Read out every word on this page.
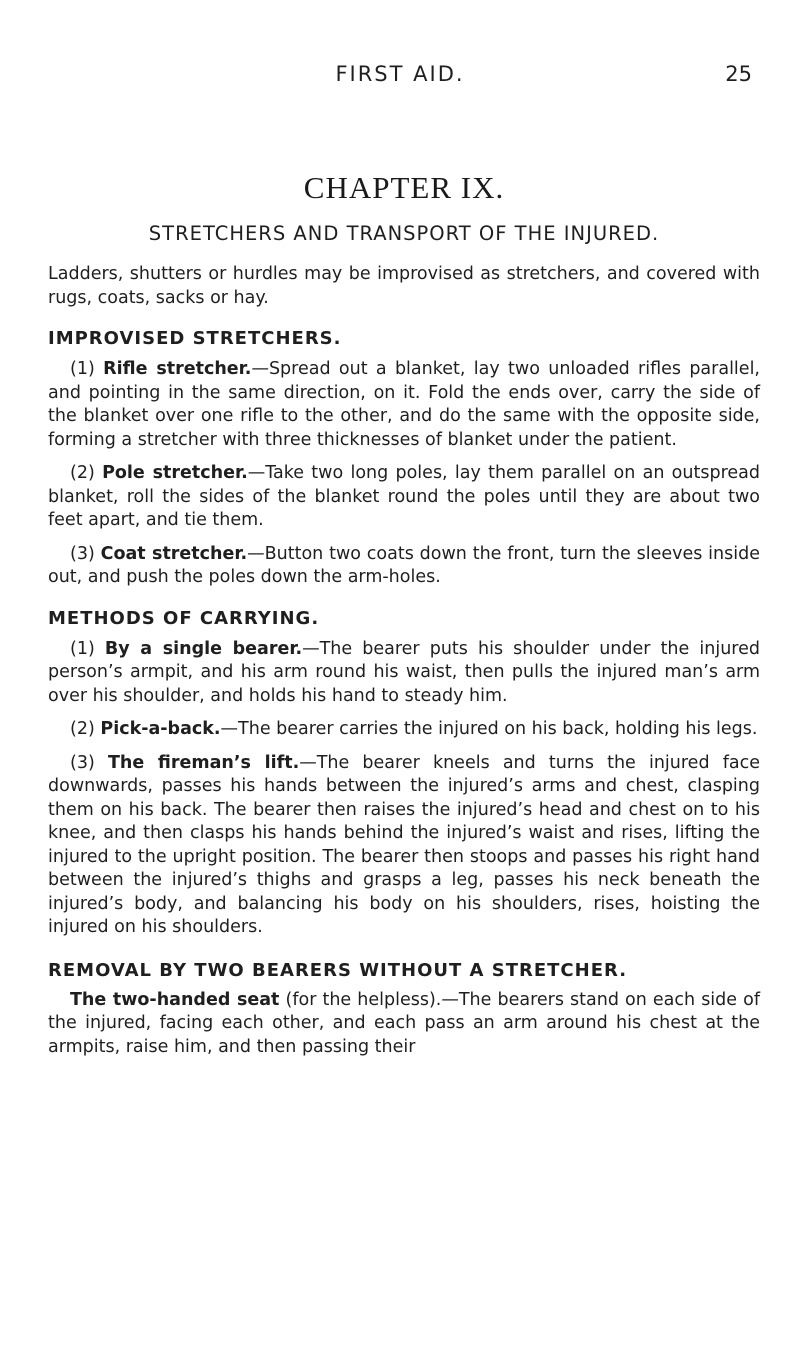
FIRST AID.	25
CHAPTER IX.
STRETCHERS AND TRANSPORT OF THE INJURED.

Ladders, shutters or hurdles may be improvised as stretchers, and covered with rugs, coats, sacks or hay.

IMPROVISED STRETCHERS.

(1) Rifle stretcher.—Spread out a blanket, lay two unloaded rifles parallel, and pointing in the same direction, on it. Fold the ends over, carry the side of the blanket over one rifle to the other, and do the same with the opposite side, forming a stretcher with three thicknesses of blanket under the patient.

(2) Pole stretcher.—Take two long poles, lay them parallel on an outspread blanket, roll the sides of the blanket round the poles until they are about two feet apart, and tie them.

(3) Coat stretcher.—Button two coats down the front, turn the sleeves inside out, and push the poles down the arm-holes.

METHODS OF CARRYING.

(1) By a single bearer.—The bearer puts his shoulder under the injured person’s armpit, and his arm round his waist, then pulls the injured man’s arm over his shoulder, and holds his hand to steady him.

(2) Pick-a-back.—The bearer carries the injured on his back, holding his legs.

(3) The fireman’s lift.—The bearer kneels and turns the injured face downwards, passes his hands between the injured’s arms and chest, clasping them on his back. The bearer then raises the injured’s head and chest on to his knee, and then clasps his hands behind the injured’s waist and rises, lifting the injured to the upright position. The bearer then stoops and passes his right hand between the injured’s thighs and grasps a leg, passes his neck beneath the injured’s body, and balancing his body on his shoulders, rises, hoisting the injured on his shoulders.

REMOVAL BY TWO BEARERS WITHOUT A STRETCHER.

The two-handed seat (for the helpless).—The bearers stand on each side of the injured, facing each other, and each pass an arm around his chest at the armpits, raise him, and then passing their
